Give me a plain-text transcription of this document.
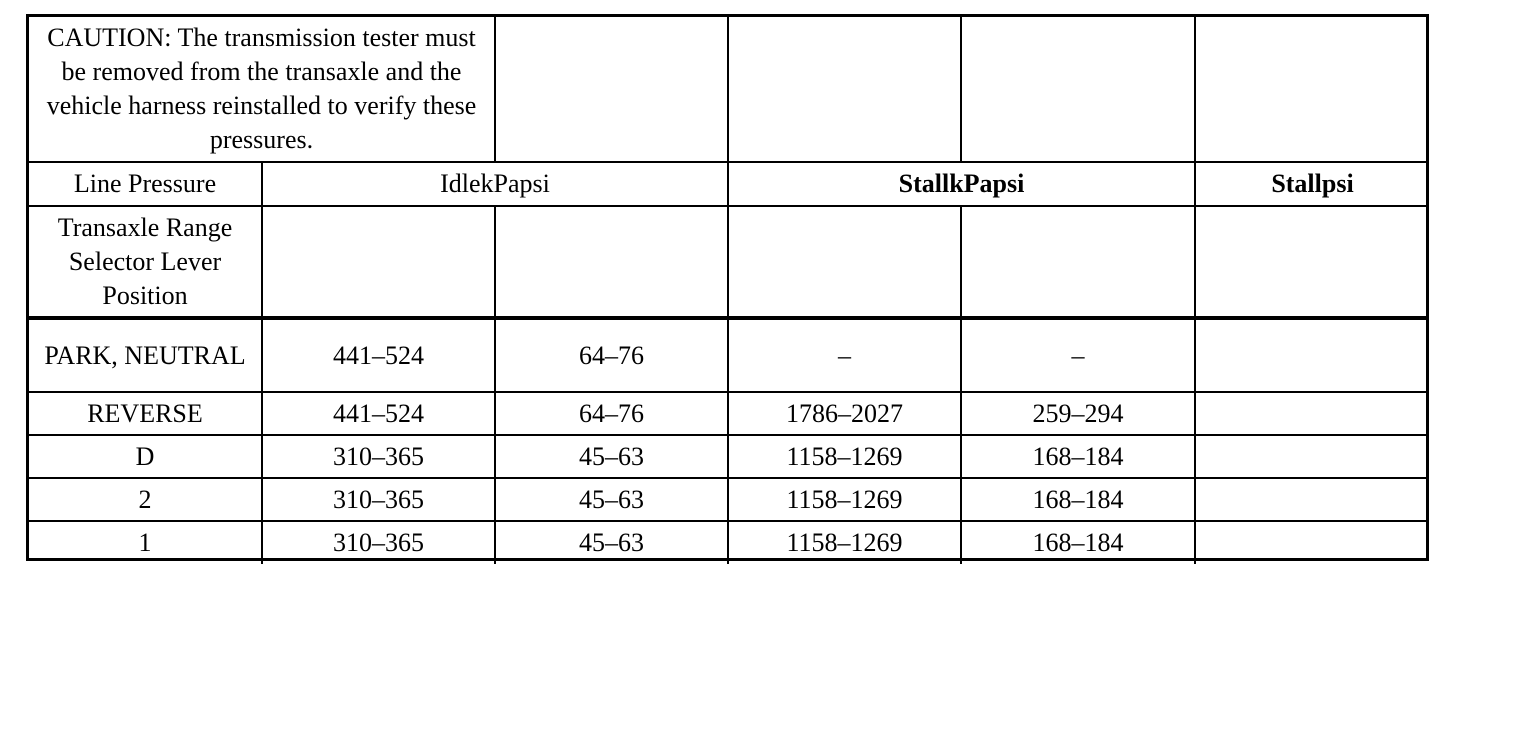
CAUTION: The transmission tester must be removed from the transaxle and the vehicle harness reinstalled to verify these pressures.					
Line Pressure	IdlekPapsi		StallkPapsi		Stallpsi
Transaxle Range Selector Lever Position					
PARK, NEUTRAL	441–524	64–76	–	–	
REVERSE	441–524	64–76	1786–2027	259–294	
D	310–365	45–63	1158–1269	168–184	
2	310–365	45–63	1158–1269	168–184	
1	310–365	45–63	1158–1269	168–184	
